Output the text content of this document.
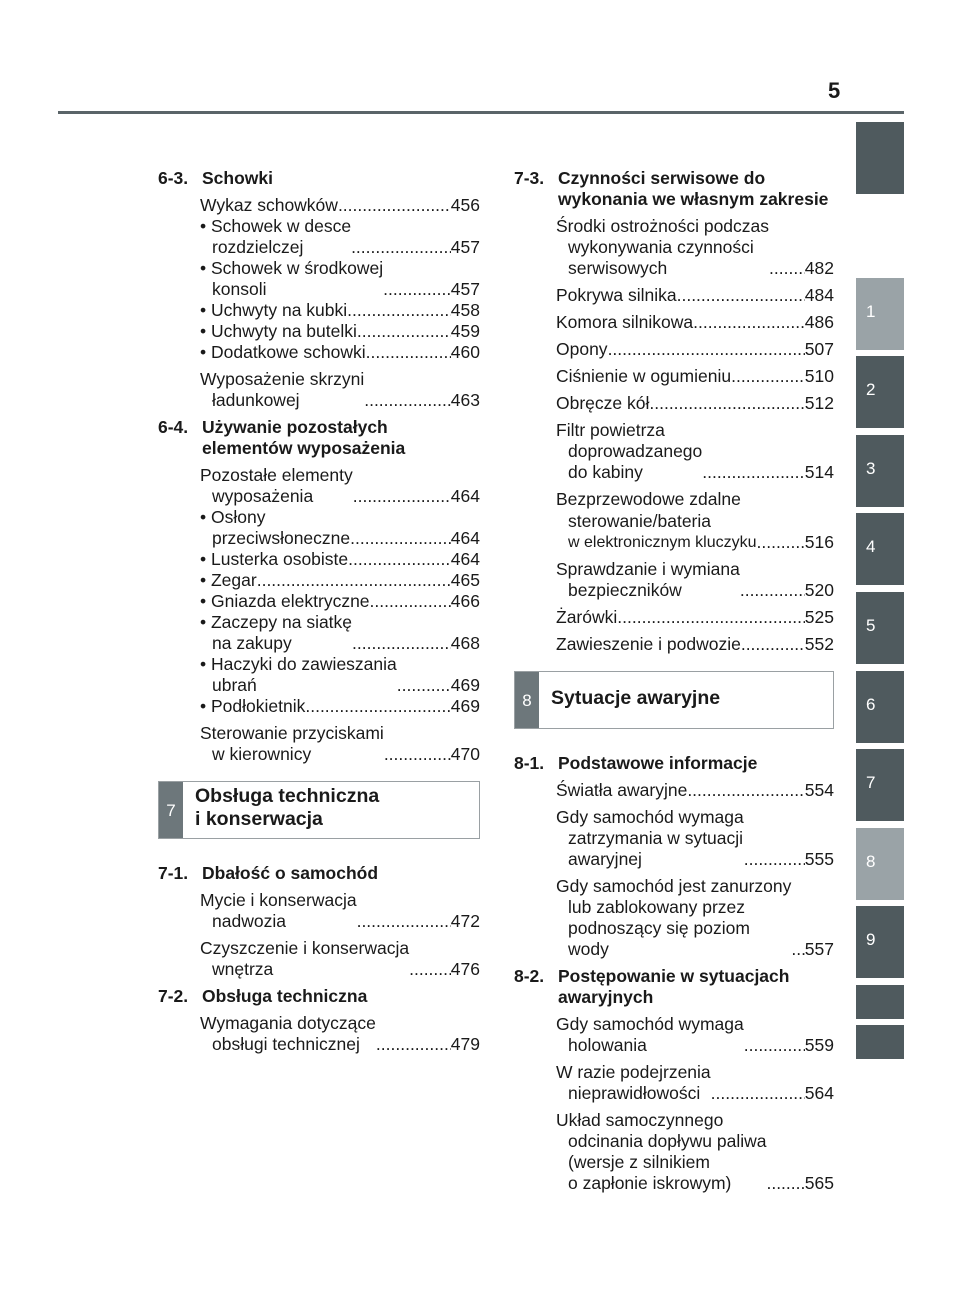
5
1
2
3
4
5
6
7
8
9
6-3. Schowki
Wykaz schowków .....	456
• Schowek w desce
rozdzielczej .....	457
• Schowek w środkowej
konsoli .....	457
• Uchwyty na kubki .....	458
• Uchwyty na butelki .....	459
• Dodatkowe schowki .....	460
Wyposażenie skrzyni
ładunkowej .....	463
6-4. Używanie pozostałych elementów wyposażenia
Pozostałe elementy
wyposażenia .....	464
• Osłony
przeciwsłoneczne .....	464
• Lusterka osobiste .....	464
• Zegar .....	465
• Gniazda elektryczne .....	466
• Zaczepy na siatkę
na zakupy .....	468
• Haczyki do zawieszania
ubrań .....	469
• Podłokietnik .....	469
Sterowanie przyciskami
w kierownicy .....	470
7
Obsługa techniczna
i konserwacja
7-1. Dbałość o samochód
Mycie i konserwacja
nadwozia .....	472
Czyszczenie i konserwacja
wnętrza .....	476
7-2. Obsługa techniczna
Wymagania dotyczące
obsługi technicznej .....	479
7-3. Czynności serwisowe do wykonania we własnym zakresie
Środki ostrożności podczas
wykonywania czynności
serwisowych .....	482
Pokrywa silnika .....	484
Komora silnikowa .....	486
Opony .....	507
Ciśnienie w ogumieniu .....	510
Obręcze kół .....	512
Filtr powietrza
doprowadzanego
do kabiny .....	514
Bezprzewodowe zdalne
sterowanie/bateria
w elektronicznym kluczyku .....	516
Sprawdzanie i wymiana
bezpieczników .....	520
Żarówki .....	525
Zawieszenie i podwozie .....	552
8 Sytuacje awaryjne
8-1. Podstawowe informacje
Światła awaryjne .....	554
Gdy samochód wymaga
zatrzymania w sytuacji
awaryjnej .....	555
Gdy samochód jest zanurzony
lub zablokowany przez
podnoszący się poziom
wody .....	557
8-2. Postępowanie w sytuacjach awaryjnych
Gdy samochód wymaga
holowania .....	559
W razie podejrzenia
nieprawidłowości .....	564
Układ samoczynnego
odcinania dopływu paliwa
(wersje z silnikiem
o zapłonie iskrowym) .....	565
